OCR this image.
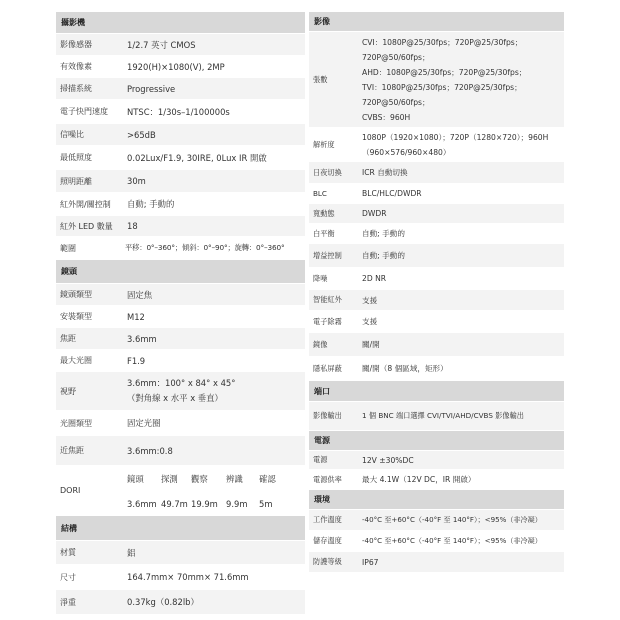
攝影機
影像感器	1/2.7 英寸 CMOS
有效像素	1920(H)×1080(V), 2MP
掃描系統	Progressive
電子快門速度	NTSC：1/30s–1/100000s
信噪比	>65dB
最低照度	0.02Lux/F1.9, 30IRE, 0Lux IR 開啟
照明距離	30m
紅外開/關控制	自動; 手動的
紅外 LED 數量	18
範圍	平移：0°–360°；傾斜：0°–90°；旋轉：0°–360°
鏡頭
鏡頭類型	固定焦
安裝類型	M12
焦距	3.6mm
最大光圈	F1.9
視野
3.6mm：100° x 84° x 45°
（對角線 x 水平 x 垂直）
光圈類型	固定光圈
近焦距	3.6mm:0.8
DORI
鏡頭	探測	觀察	辨識	確認
3.6mm 49.7m 19.9m 9.9m	5m
結構
材質	鋁
尺寸	164.7mm× 70mm× 71.6mm
淨重	0.37kg（0.82lb）
影像
張數
CVI：1080P@25/30fps；720P@25/30fps；
720P@50/60fps；
AHD：1080P@25/30fps；720P@25/30fps；
TVI：1080P@25/30fps；720P@25/30fps；
720P@50/60fps；
CVBS：960H
解析度
1080P（1920×1080）；720P（1280×720）；960H
（960×576/960×480）
日夜切換	ICR 自動切換
BLC	BLC/HLC/DWDR
寬動態	DWDR
白平衡	自動; 手動的
增益控制	自動; 手動的
降噪	2D NR
智能紅外	支援
電子除霧	支援
鏡像	關/開
隱私屏蔽	關/開（8 個區域，矩形）
端口
影像輸出	1 個 BNC 端口選擇 CVI/TVI/AHD/CVBS 影像輸出
電源
電源	12V ±30%DC
電源供率	最大 4.1W（12V DC，IR 開啟）
環境
工作溫度	-40°C 至+60°C（-40°F 至 140°F）；<95%（非冷凝）
儲存溫度	-40°C 至+60°C（-40°F 至 140°F）；<95%（非冷凝）
防護等級	IP67
